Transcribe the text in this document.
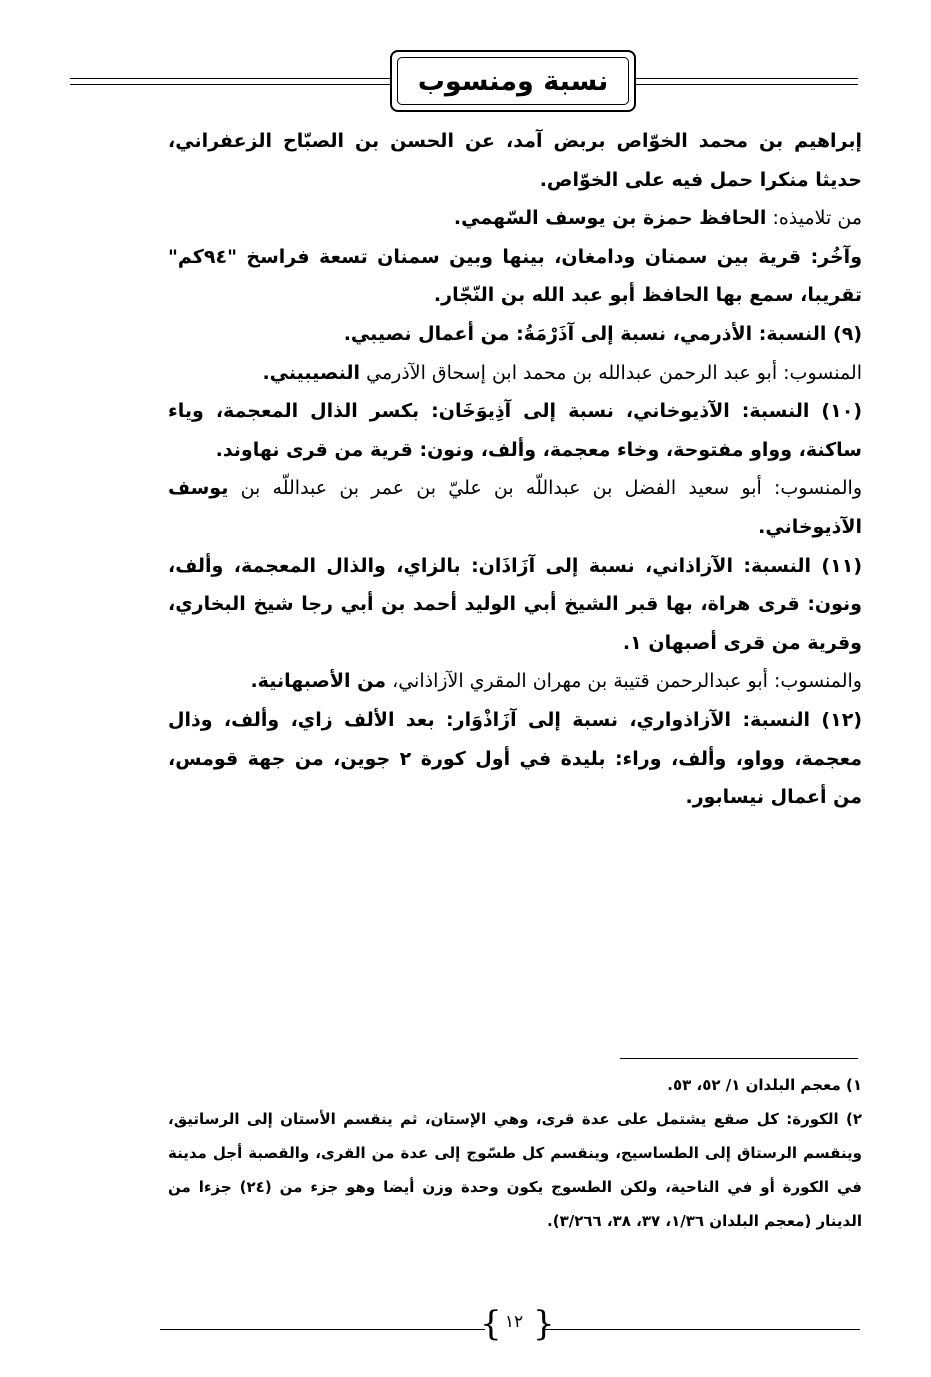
نسبة ومنسوب

إبراهيم بن محمد الخوّاص بربض آمد، عن الحسن بن الصبّاح الزعفراني، حديثا منكرا حمل فيه على الخوّاص.

من تلاميذه: الحافظ حمزة بن يوسف السّهمي.

وآخُر: قرية بين سمنان ودامغان، بينها وبين سمنان تسعة فراسخ "٩٤كم" تقريبا، سمع بها الحافظ أبو عبد الله بن النّجّار.

(٩) النسبة: الأذرمي، نسبة إلى آذَرْمَةُ: من أعمال نصيبي.

المنسوب: أبو عبد الرحمن عبدالله بن محمد ابن إسحاق الآذرمي النصيبيني.

(١٠) النسبة: الآذيوخاني، نسبة إلى آذِيوَخَان: بكسر الذال المعجمة، وياء ساكنة، وواو مفتوحة، وخاء معجمة، وألف، ونون: قرية من قرى نهاوند.

والمنسوب: أبو سعيد الفضل بن عبداللّه بن عليّ بن عمر بن عبداللّه بن يوسف الآذيوخاني.

(١١) النسبة: الآزاذاني، نسبة إلى آزَاذَان: بالزاي، والذال المعجمة، وألف، ونون: قرى هراة، بها قبر الشيخ أبي الوليد أحمد بن أبي رجا شيخ البخاري، وقرية من قرى أصبهان ١.

والمنسوب: أبو عبدالرحمن قتيبة بن مهران المقري الآزاذاني، من الأصبهانية.

(١٢) النسبة: الآزاذواري، نسبة إلى آزَاذْوَار: بعد الألف زاي، وألف، وذال معجمة، وواو، وألف، وراء: بليدة في أول كورة ٢ جوين، من جهة قومس، من أعمال نيسابور.

١) معجم البلدان ١/ ٥٢، ٥٣.

٢) الكورة: كل صقع يشتمل على عدة قرى، وهي الإستان، ثم ينقسم الأستان إلى الرساتيق، وينقسم الرستاق إلى الطساسيج، وينقسم كل طسّوج إلى عدة من القرى، والقصبة أجل مدينة في الكورة أو في الناحية، ولكن الطسوج يكون وحدة وزن أيضا وهو جزء من (٢٤) جزءا من الدينار (معجم البلدان ١/٣٦، ٣٧، ٣٨، ٣/٢٦٦).

{ ١٢ }
